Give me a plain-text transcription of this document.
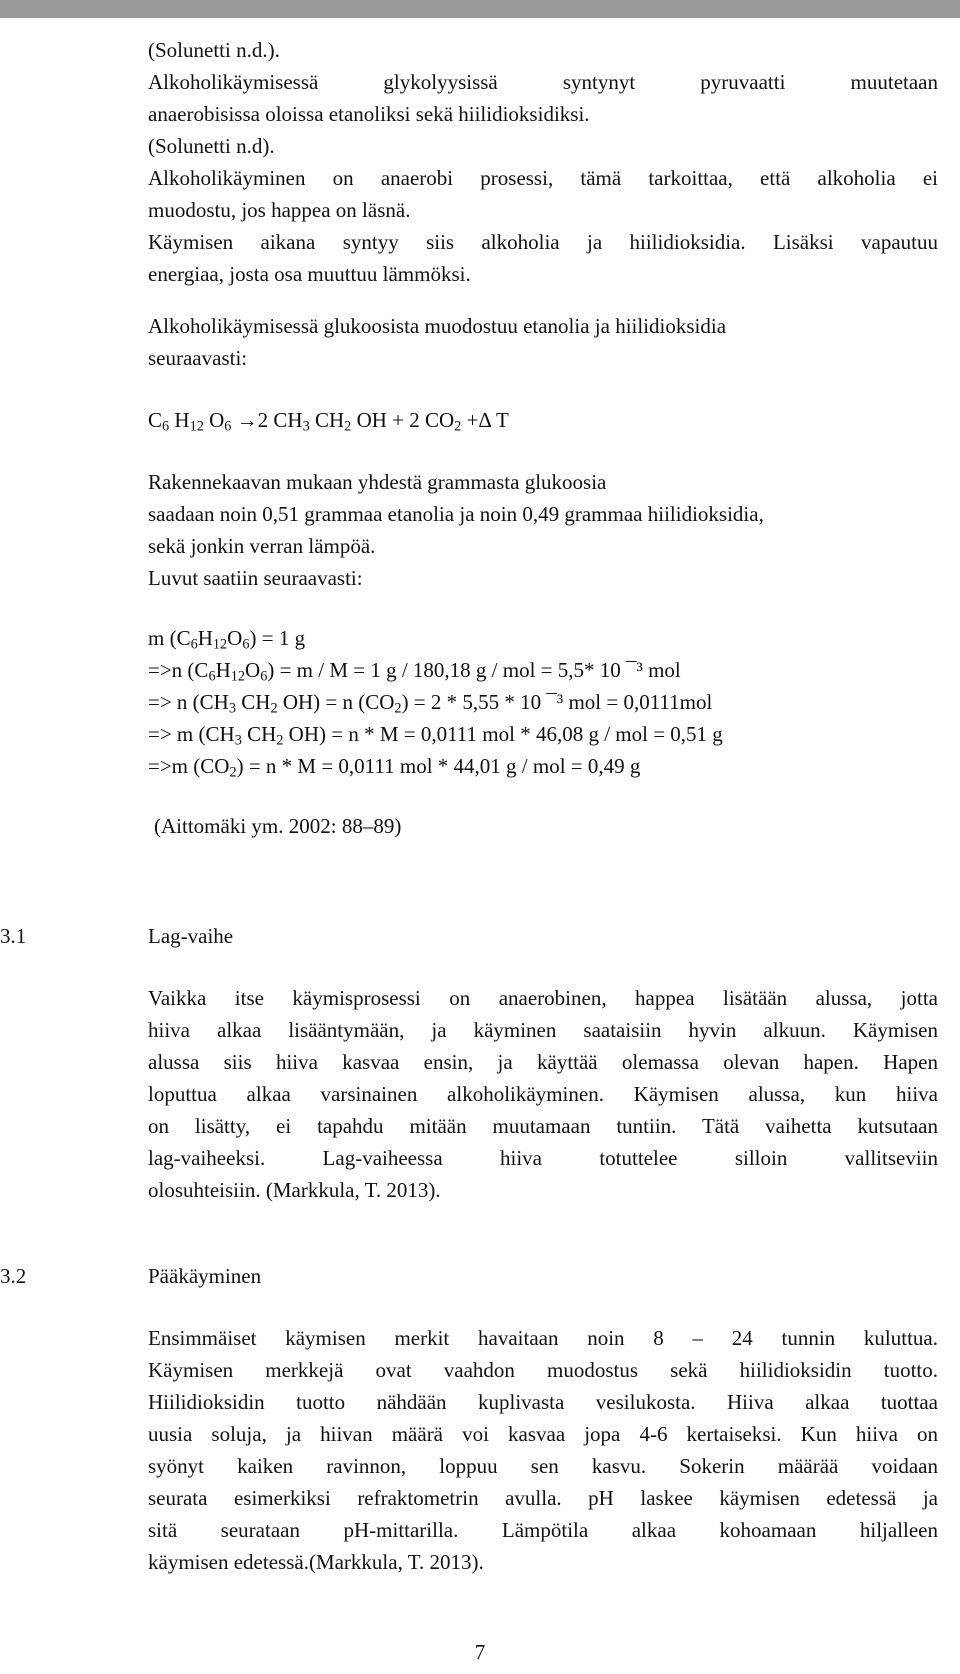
(Solunetti n.d.).
Alkoholikäymisessä glykolyysissä syntynyt pyruvaatti muutetaan
anaerobisissa oloissa etanoliksi sekä hiilidioksidiksi.
(Solunetti n.d).
Alkoholikäyminen on anaerobi prosessi, tämä tarkoittaa, että alkoholia ei
muodostu, jos happea on läsnä.
Käymisen aikana syntyy siis alkoholia ja hiilidioksidia. Lisäksi vapautuu
energiaa, josta osa muuttuu lämmöksi.
Alkoholikäymisessä glukoosista muodostuu etanolia ja hiilidioksidia
seuraavasti:
$C_6$ $H_{12}$ $O_6 \to 2$ $CH_3$ $CH_2$ OH + 2 $CO_2 +\Delta$ T
Rakennekaavan mukaan yhdestä grammasta glukoosia
saadaan noin 0,51 grammaa etanolia ja noin 0,49 grammaa hiilidioksidia,
sekä jonkin verran lämpöä.
Luvut saatiin seuraavasti:
m $(C_6H_{12}O_6) = 1$ g
=>n $(C_6H_{12}O_6) = m / M = 1$ g / 180,18 g / mol = 5,5* 10 ¯³ mol
=> n ($CH_3$ $CH_2$ OH) = n $(CO_2) = 2 * 5,55 * 10$ ¯³ mol = 0,0111mol
=> m ($CH_3$ $CH_2$ OH) = n * M = 0,0111 mol * 46,08 g / mol = 0,51 g
=>m $(CO_2) = n * M = 0,0111$ mol * 44,01 g / mol = 0,49 g
(Aittomäki ym. 2002: 88–89)
3.1	Lag-vaihe
Vaikka itse käymisprosessi on anaerobinen, happea lisätään alussa, jotta
hiiva alkaa lisääntymään, ja käyminen saataisiin hyvin alkuun. Käymisen
alussa siis hiiva kasvaa ensin, ja käyttää olemassa olevan hapen. Hapen
loputtua alkaa varsinainen alkoholikäyminen. Käymisen alussa, kun hiiva
on lisätty, ei tapahdu mitään muutamaan tuntiin. Tätä vaihetta kutsutaan
lag-vaiheeksi. Lag-vaiheessa hiiva totuttelee silloin vallitseviin
olosuhteisiin. (Markkula, T. 2013).
3.2	Pääkäyminen
Ensimmäiset käymisen merkit havaitaan noin 8 – 24 tunnin kuluttua.
Käymisen merkkejä ovat vaahdon muodostus sekä hiilidioksidin tuotto.
Hiilidioksidin tuotto nähdään kuplivasta vesilukosta. Hiiva alkaa tuottaa
uusia soluja, ja hiivan määrä voi kasvaa jopa 4-6 kertaiseksi. Kun hiiva on
syönyt kaiken ravinnon, loppuu sen kasvu. Sokerin määrää voidaan
seurata esimerkiksi refraktometrin avulla. pH laskee käymisen edetessä ja
sitä seurataan pH-mittarilla. Lämpötila alkaa kohoamaan hiljalleen
käymisen edetessä.(Markkula, T. 2013).
7
